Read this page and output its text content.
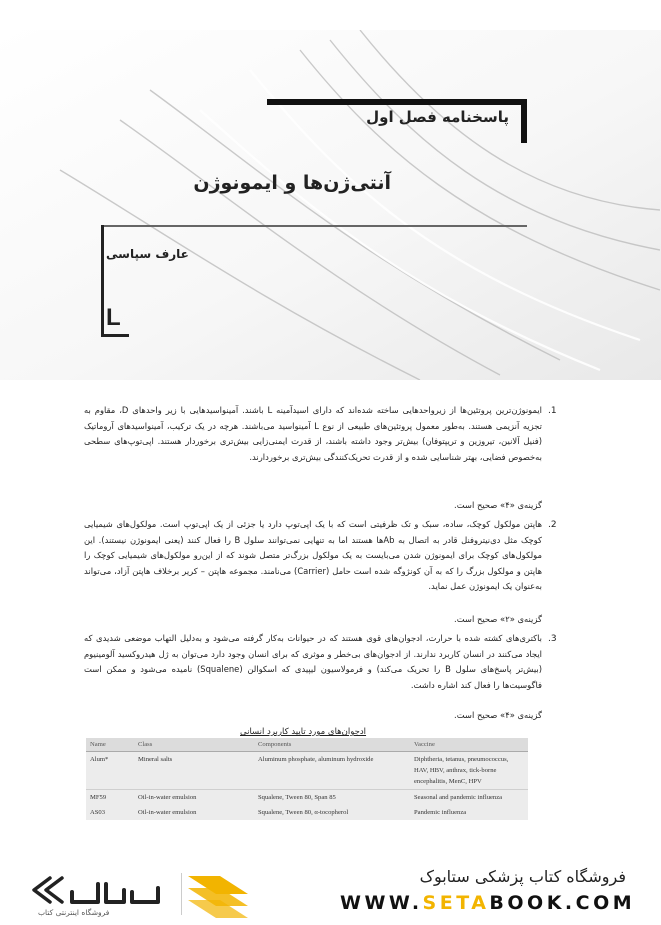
پاسخنامه فصل اول
آنتی‌ژن‌ها و ایمونوژن
عارف سپاسی
L
.1
ایمونوژن‌ترین پروتئین‌ها از زیرواحدهایی ساخته شده‌اند که دارای اسیدآمینه L باشند. آمینواسیدهایی با زیر واحدهای D، مقاوم به تجزیه آنزیمی هستند. به‌طور معمول پروتئین‌های طبیعی از نوع L آمینواسید می‌باشند. هرچه در یک ترکیب، آمینواسیدهای آروماتیک (فنیل آلانین، تیروزین و تریپتوفان) بیش‌تر وجود داشته باشند، از قدرت ایمنی‌زایی بیش‌تری برخوردار هستند. اپی‌توپ‌های سطحی به‌خصوص فضایی، بهتر شناسایی شده و از قدرت تحریک‌کنندگی بیش‌تری برخوردارند.
گزینه‌ی «۴» صحیح است.
.2
هاپتن مولکول کوچک، ساده، سبک و تک ظرفیتی است که با یک اپی‌توپ دارد یا جزئی از یک اپی‌توپ است. مولکول‌های شیمیایی کوچک مثل دی‌نیتروفنل قادر به اتصال به Ab‌ها هستند اما به تنهایی نمی‌توانند سلول B را فعال کنند (یعنی ایمونوژن نیستند). این مولکول‌های کوچک برای ایمونوژن شدن می‌بایست به یک مولکول بزرگ‌تر متصل شوند که از این‌رو مولکول‌های شیمیایی کوچک را هاپتن و مولکول بزرگ را که به آن کونژوگه شده است حامل (Carrier) می‌نامند. مجموعه هاپتن – کریر برخلاف هاپتن آزاد، می‌تواند به‌عنوان یک ایمونوژن عمل نماید.
گزینه‌ی «۲» صحیح است.
.3
باکتری‌های کشته شده با حرارت، ادجوان‌های قوی هستند که در حیوانات به‌کار گرفته می‌شود و به‌دلیل التهاب موضعی شدیدی که ایجاد می‌کنند در انسان کاربرد ندارند. از ادجوان‌های بی‌خطر و موثری که برای انسان وجود دارد می‌توان به ژل هیدروکسید آلومینیوم (بیش‌تر پاسخ‌های سلول B را تحریک می‌کند) و فرمولاسیون لیپیدی که اسکوالن (Squalene) نامیده می‌شود و ممکن است فاگوسیت‌ها را فعال کند اشاره داشت.
گزینه‌ی «۴» صحیح است.
ادجوان‌های مورد تایید کاربرد انسانی
Name	Class	Components	Vaccine
Alum*	Mineral salts	Aluminum phosphate, aluminum hydroxide	Diphtheria, tetanus, pneumococcus,
HAV, HBV, anthrax, tick-borne
encephalitis, MenC, HPV

MF59	Oil-in-water emulsion	Squalene, Tween 80, Span 85	Seasonal and pandemic influenza

AS03	Oil-in-water emulsion	Squalene, Tween 80, α-tocopherol	Pandemic influenza
فروشگاه اینترنتی کتاب
فروشگاه کتاب پزشکی ستابوک
WWW.SETABOOK.COM
